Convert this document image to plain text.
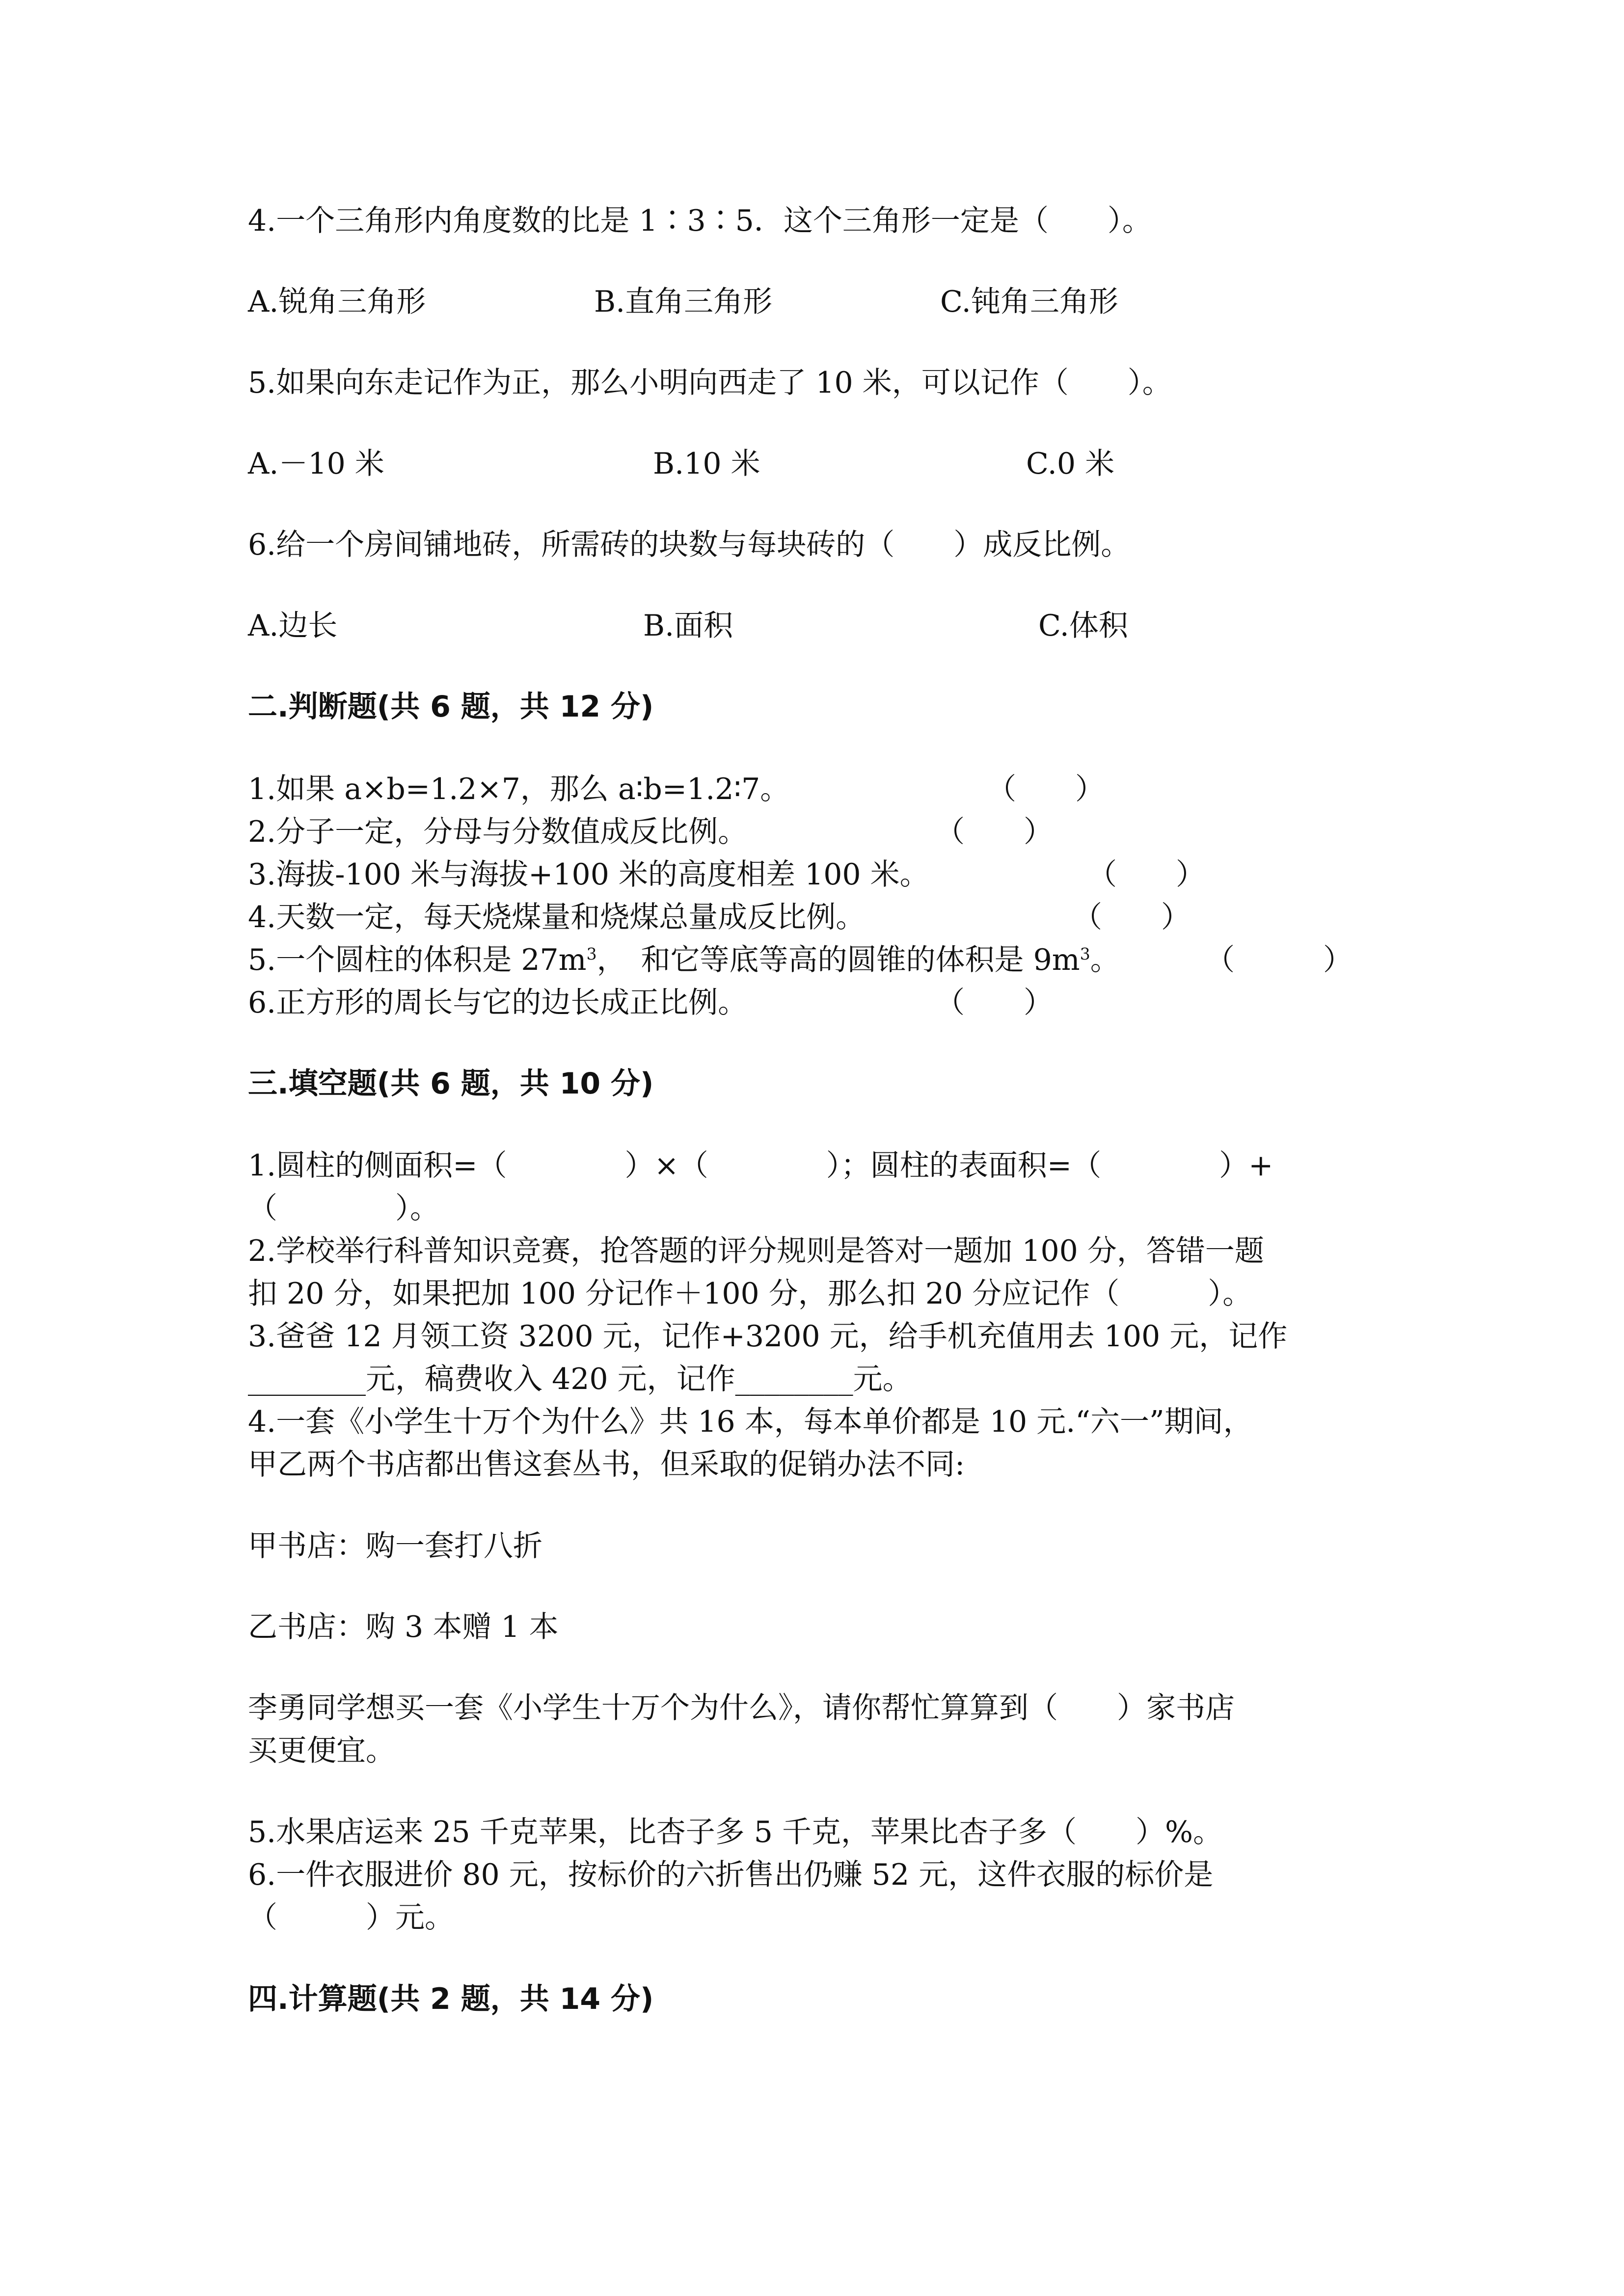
4.一个三角形内角度数的比是 1∶3∶5．这个三角形一定是（　　）。
A.锐角三角形	B.直角三角形	C.钝角三角形
5.如果向东走记作为正，那么小明向西走了 10 米，可以记作（　　）。
A.－10 米	B.10 米	C.0 米
6.给一个房间铺地砖，所需砖的块数与每块砖的（　　）成反比例。
A.边长	B.面积	C.体积
二.判断题(共 6 题，共 12 分)
1.如果 a×b=1.2×7，那么 a∶b=1.2∶7。	（　　）
2.分子一定，分母与分数值成反比例。	（　　）
3.海拔-100 米与海拔+100 米的高度相差 100 米。	（　　）
4.天数一定，每天烧煤量和烧煤总量成反比例。	（　　）
5.一个圆柱的体积是 $27m^3$，　和它等底等高的圆锥的体积是 $9m^3$。	（　　　）
6.正方形的周长与它的边长成正比例。	（　　）
三.填空题(共 6 题，共 10 分)
1.圆柱的侧面积=（　　　　）×（　　　　）；圆柱的表面积=（　　　　）+
（　　　　）。
2.学校举行科普知识竞赛，抢答题的评分规则是答对一题加 100 分，答错一题
扣 20 分，如果把加 100 分记作＋100 分，那么扣 20 分应记作（　　　）。
3.爸爸 12 月领工资 3200 元，记作+3200 元，给手机充值用去 100 元，记作
________元，稿费收入 420 元，记作________元。
4.一套《小学生十万个为什么》共 16 本，每本单价都是 10 元.“六一”期间，
甲乙两个书店都出售这套丛书，但采取的促销办法不同:
甲书店：购一套打八折
乙书店：购 3 本赠 1 本
李勇同学想买一套《小学生十万个为什么》，请你帮忙算算到（　　）家书店
买更便宜。
5.水果店运来 25 千克苹果，比杏子多 5 千克，苹果比杏子多（　　）%。
6.一件衣服进价 80 元，按标价的六折售出仍赚 52 元，这件衣服的标价是
（　　　）元。
四.计算题(共 2 题，共 14 分)
